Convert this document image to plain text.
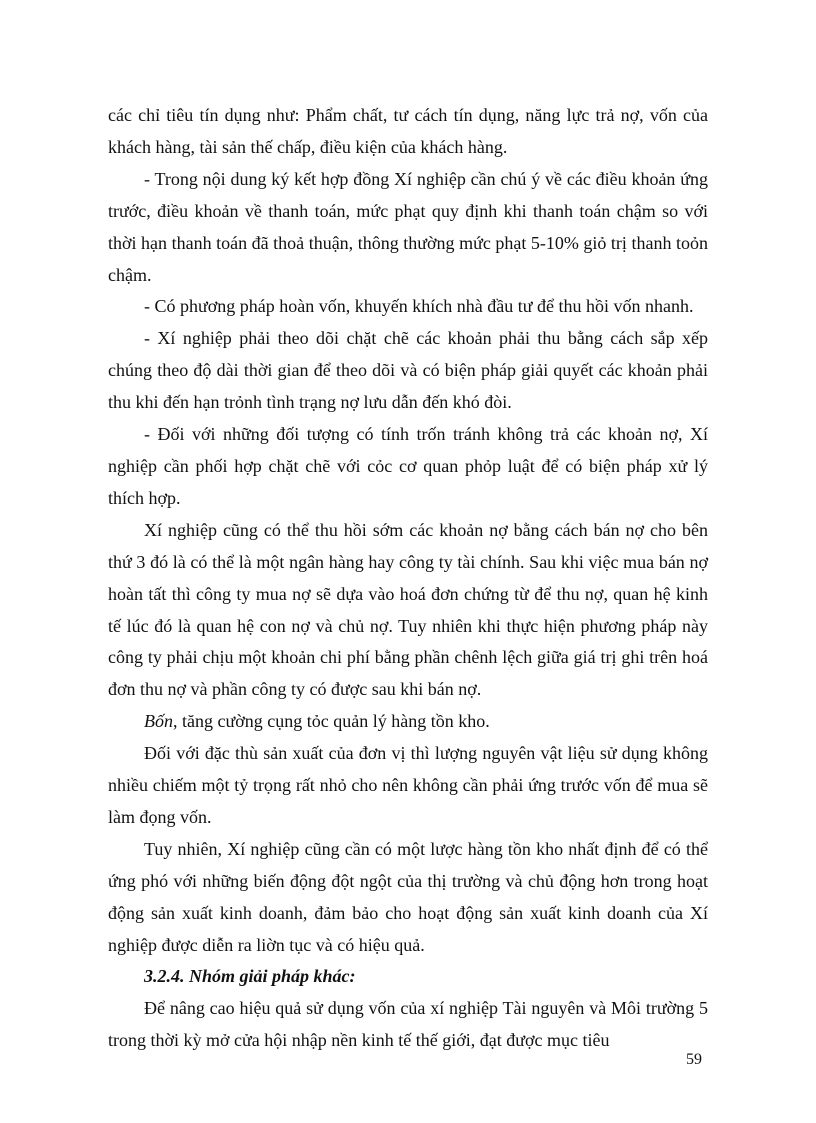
các chỉ tiêu tín dụng như: Phẩm chất, tư cách tín dụng, năng lực trả nợ, vốn của khách hàng, tài sản thế chấp, điều kiện của khách hàng.

- Trong nội dung ký kết hợp đồng Xí nghiệp cần chú ý về các điều khoản ứng trước, điều khoản về thanh toán, mức phạt quy định khi thanh toán chậm so với thời hạn thanh toán đã thoả thuận, thông thường mức phạt 5-10% giỏ trị thanh toỏn chậm.

- Có phương pháp hoàn vốn, khuyến khích nhà đầu tư để thu hồi vốn nhanh.

- Xí nghiệp phải theo dõi chặt chẽ các khoản phải thu bằng cách sắp xếp chúng theo độ dài thời gian để theo dõi và có biện pháp giải quyết các khoản phải thu khi đến hạn trỏnh tình trạng nợ lưu dẫn đến khó đòi.

- Đối với những đối tượng có tính trốn tránh không trả các khoản nợ, Xí nghiệp cần phối hợp chặt chẽ với cỏc cơ quan phỏp luật để có biện pháp xử lý thích hợp.

Xí nghiệp cũng có thể thu hồi sớm các khoản nợ bằng cách bán nợ cho bên thứ 3 đó là có thể là một ngân hàng hay công ty tài chính. Sau khi việc mua bán nợ hoàn tất thì công ty mua nợ sẽ dựa vào hoá đơn chứng từ để thu nợ, quan hệ kinh tế lúc đó là quan hệ con nợ và chủ nợ. Tuy nhiên khi thực hiện phương pháp này công ty phải chịu một khoản chi phí bằng phần chênh lệch giữa giá trị ghi trên hoá đơn thu nợ và phần công ty có được sau khi bán nợ.

Bốn, tăng cường cụng tỏc quản lý hàng tồn kho.

Đối với đặc thù sản xuất của đơn vị thì lượng nguyên vật liệu sử dụng không nhiều chiếm một tỷ trọng rất nhỏ cho nên không cần phải ứng trước vốn để mua sẽ làm đọng vốn.

Tuy nhiên, Xí nghiệp cũng cần có một lược hàng tồn kho nhất định để có thể ứng phó với những biến động đột ngột của thị trường và chủ động hơn trong hoạt động sản xuất kinh doanh, đảm bảo cho hoạt động sản xuất kinh doanh của Xí nghiệp được diễn ra liờn tục và có hiệu quả.

3.2.4. Nhóm giải pháp khác:

Để nâng cao hiệu quả sử dụng vốn của xí nghiệp Tài nguyên và Môi trường 5 trong thời kỳ mở cửa hội nhập nền kinh tế thế giới, đạt được mục tiêu

59
